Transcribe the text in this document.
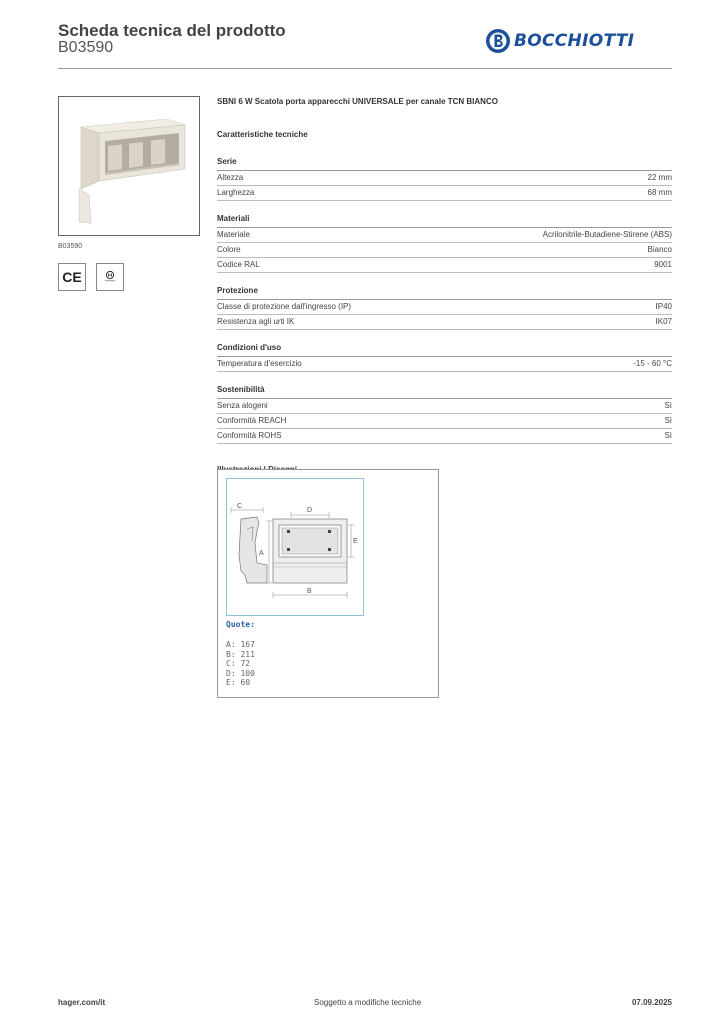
Scheda tecnica del prodotto
B03590	BOCCHIOTTI
B03590
CE
SBNI 6 W Scatola porta apparecchi UNIVERSALE per canale TCN BIANCO
Caratteristiche tecniche
Serie
Altezza	22 mm
Larghezza	68 mm
Materiali
Materiale	Acrilonitrile-Butadiene-Stirene (ABS)
Colore	Bianco
Codice RAL	9001
Protezione
Classe di protezione dall'ingresso (IP)	IP40
Resistenza agli urti IK	IK07
Condizioni d'uso
Temperatura d'esercizio	-15 - 60 °C
Sostenibilità
Senza alogeni	Sì
Conformità REACH	Sì
Conformità ROHS	Sì
C
A
D
E
B
Quote:
A: 167
B: 211
C: 72
D: 100
E: 60
hager.com/it	Soggetto a modifiche tecniche	07.09.2025
